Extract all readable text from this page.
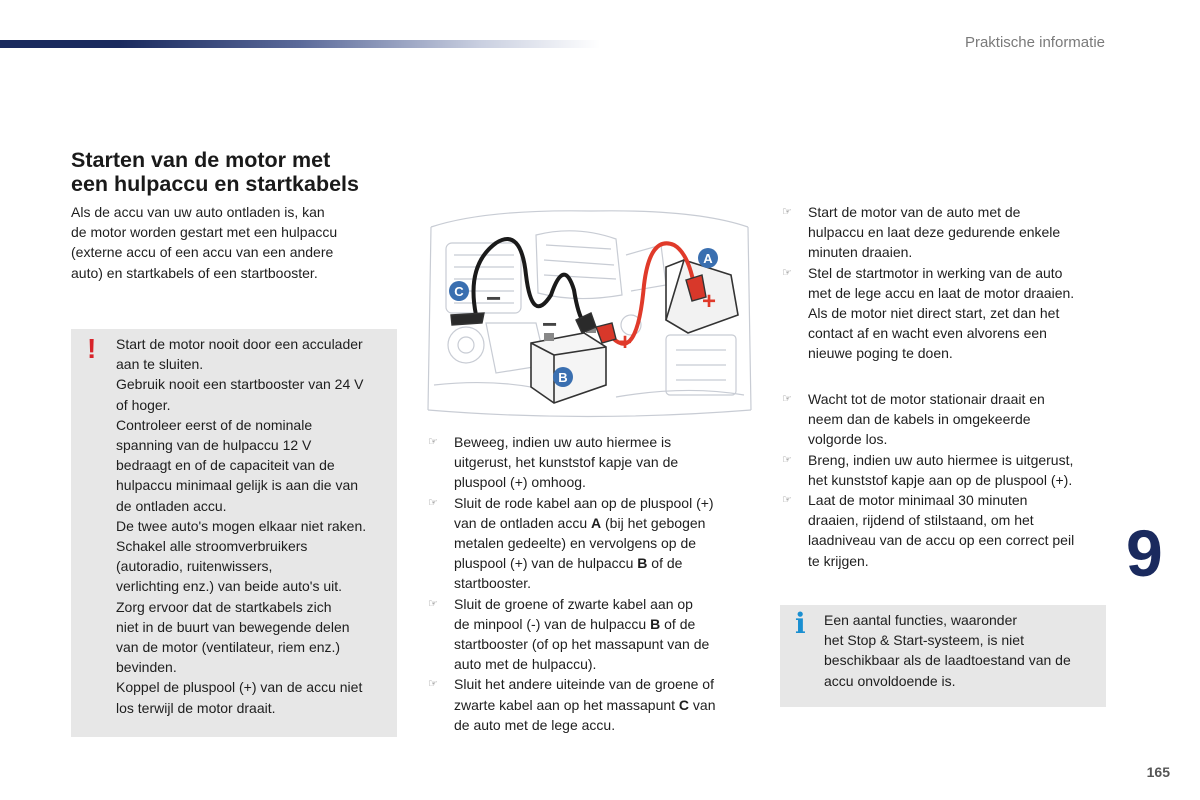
Praktische informatie
Starten van de motor met
een hulpaccu en startkabels
Als de accu van uw auto ontladen is, kan
de motor worden gestart met een hulpaccu
(externe accu of een accu van een andere
auto) en startkabels of een startbooster.
! Start de motor nooit door een acculader
aan te sluiten.
Gebruik nooit een startbooster van 24 V
of hoger.
Controleer eerst of de nominale
spanning van de hulpaccu 12 V
bedraagt en of de capaciteit van de
hulpaccu minimaal gelijk is aan die van
de ontladen accu.
De twee auto's mogen elkaar niet raken.
Schakel alle stroomverbruikers
(autoradio, ruitenwissers,
verlichting enz.) van beide auto's uit.
Zorg ervoor dat de startkabels zich
niet in de buurt van bewegende delen
van de motor (ventilateur, riem enz.)
bevinden.
Koppel de pluspool (+) van de accu niet
los terwijl de motor draait.
−
−
+
+
A
B
C
☞ Beweeg, indien uw auto hiermee is
uitgerust, het kunststof kapje van de
pluspool (+) omhoog.
☞ Sluit de rode kabel aan op de pluspool (+)
van de ontladen accu A (bij het gebogen
metalen gedeelte) en vervolgens op de
pluspool (+) van de hulpaccu B of de
startbooster.
☞ Sluit de groene of zwarte kabel aan op
de minpool (-) van de hulpaccu B of de
startbooster (of op het massapunt van de
auto met de hulpaccu).
☞ Sluit het andere uiteinde van de groene of
zwarte kabel aan op het massapunt C van
de auto met de lege accu.
☞ Start de motor van de auto met de
hulpaccu en laat deze gedurende enkele
minuten draaien.
☞ Stel de startmotor in werking van de auto
met de lege accu en laat de motor draaien.
Als de motor niet direct start, zet dan het
contact af en wacht even alvorens een
nieuwe poging te doen.
☞ Wacht tot de motor stationair draait en
neem dan de kabels in omgekeerde
volgorde los.
☞ Breng, indien uw auto hiermee is uitgerust,
het kunststof kapje aan op de pluspool (+).
☞ Laat de motor minimaal 30 minuten
draaien, rijdend of stilstaand, om het
laadniveau van de accu op een correct peil
te krijgen.
i Een aantal functies, waaronder
het Stop & Start-systeem, is niet
beschikbaar als de laadtoestand van de
accu onvoldoende is.
9
165
